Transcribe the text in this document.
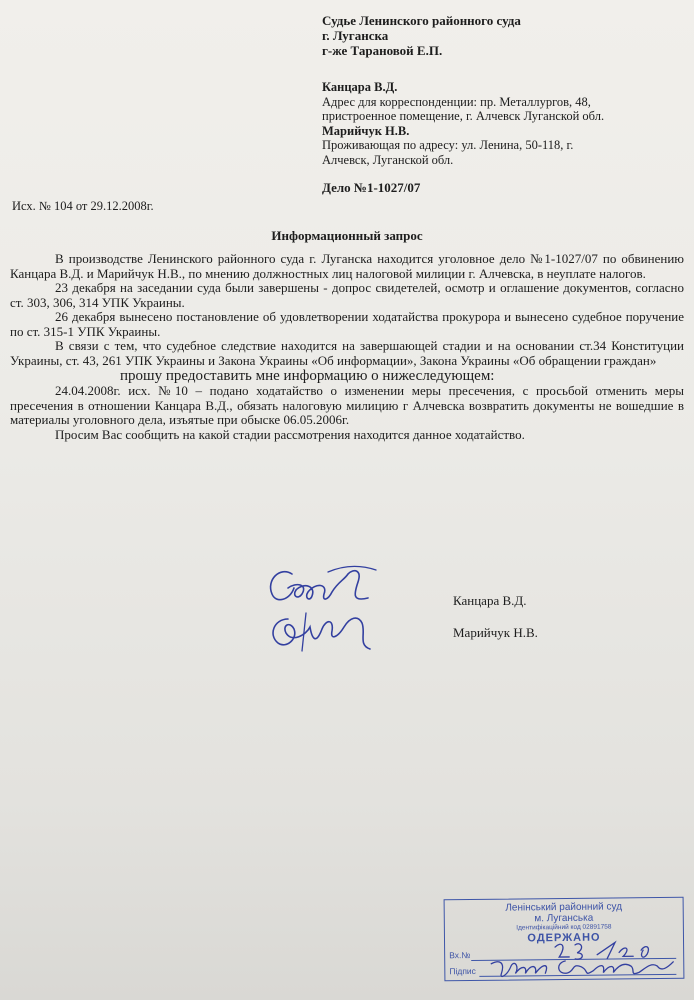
Судье Ленинского районного суда
г. Луганска
г-же Тарановой Е.П.
Канцара В.Д.
Адрес для корреспонденции: пр. Металлургов, 48,
пристроенное помещение, г. Алчевск Луганской обл.
Марийчук Н.В.
Проживающая по адресу: ул. Ленина, 50-118, г.
Алчевск, Луганской обл.
Дело №1-1027/07
Исх. № 104 от 29.12.2008г.
Информационный запрос

В производстве Ленинского районного суда г. Луганска находится уголовное дело №1-1027/07 по обвинению Канцара В.Д. и Марийчук Н.В., по мнению должностных лиц налоговой милиции г. Алчевска, в неуплате налогов.

23 декабря на заседании суда были завершены - допрос свидетелей, осмотр и оглашение документов, согласно ст. 303, 306, 314 УПК Украины.

26 декабря вынесено постановление об удовлетворении ходатайства прокурора и вынесено судебное поручение по ст. 315-1 УПК Украины.

В связи с тем, что судебное следствие находится на завершающей стадии и на основании ст.34 Конституции Украины, ст. 43, 261 УПК Украины и Закона Украины «Об информации», Закона Украины «Об обращении граждан»

прошу предоставить мне информацию о нижеследующем:

24.04.2008г. исх. №10 – подано ходатайство о изменении меры пресечения, с просьбой отменить меры пресечения в отношении Канцара В.Д., обязать налоговую милицию г Алчевска возвратить документы не вошедшие в материалы уголовного дела, изъятые при обыске 06.05.2006г.

Просим Вас сообщить на какой стадии рассмотрения находится данное ходатайство.

Канцара В.Д.
Марийчук Н.В.
Ленінський районний суд
м. Луганська
Ідентифікаційний код 02891758
ОДЕРЖАНО
Вх.№
Підпис
